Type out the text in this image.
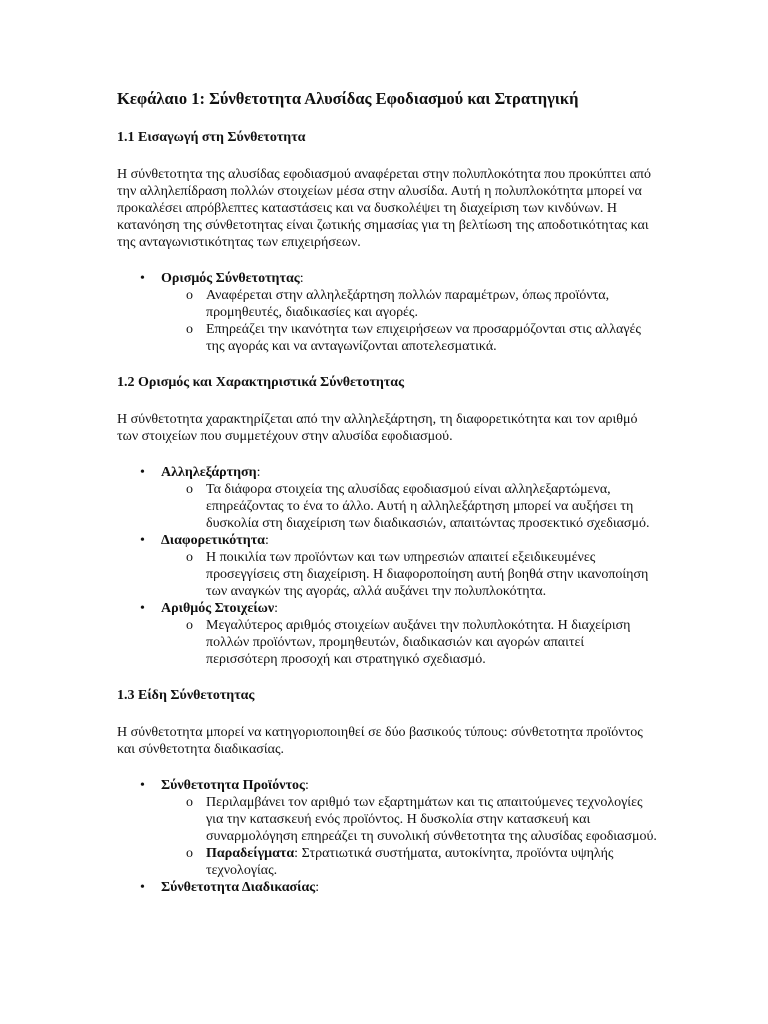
Κεφάλαιο 1: Σύνθετοτητα Αλυσίδας Εφοδιασμού και Στρατηγική
1.1 Εισαγωγή στη Σύνθετοτητα

Η σύνθετοτητα της αλυσίδας εφοδιασμού αναφέρεται στην πολυπλοκότητα που προκύπτει από την αλληλεπίδραση πολλών στοιχείων μέσα στην αλυσίδα. Αυτή η πολυπλοκότητα μπορεί να προκαλέσει απρόβλεπτες καταστάσεις και να δυσκολέψει τη διαχείριση των κινδύνων. Η κατανόηση της σύνθετοτητας είναι ζωτικής σημασίας για τη βελτίωση της αποδοτικότητας και της ανταγωνιστικότητας των επιχειρήσεων.

• Ορισμός Σύνθετοτητας:
o Αναφέρεται στην αλληλεξάρτηση πολλών παραμέτρων, όπως προϊόντα, προμηθευτές, διαδικασίες και αγορές.
o Επηρεάζει την ικανότητα των επιχειρήσεων να προσαρμόζονται στις αλλαγές της αγοράς και να ανταγωνίζονται αποτελεσματικά.
1.2 Ορισμός και Χαρακτηριστικά Σύνθετοτητας

Η σύνθετοτητα χαρακτηρίζεται από την αλληλεξάρτηση, τη διαφορετικότητα και τον αριθμό των στοιχείων που συμμετέχουν στην αλυσίδα εφοδιασμού.

• Αλληλεξάρτηση:
o Τα διάφορα στοιχεία της αλυσίδας εφοδιασμού είναι αλληλεξαρτώμενα, επηρεάζοντας το ένα το άλλο. Αυτή η αλληλεξάρτηση μπορεί να αυξήσει τη δυσκολία στη διαχείριση των διαδικασιών, απαιτώντας προσεκτικό σχεδιασμό.
• Διαφορετικότητα:
o Η ποικιλία των προϊόντων και των υπηρεσιών απαιτεί εξειδικευμένες προσεγγίσεις στη διαχείριση. Η διαφοροποίηση αυτή βοηθά στην ικανοποίηση των αναγκών της αγοράς, αλλά αυξάνει την πολυπλοκότητα.
• Αριθμός Στοιχείων:
o Μεγαλύτερος αριθμός στοιχείων αυξάνει την πολυπλοκότητα. Η διαχείριση πολλών προϊόντων, προμηθευτών, διαδικασιών και αγορών απαιτεί περισσότερη προσοχή και στρατηγικό σχεδιασμό.
1.3 Είδη Σύνθετοτητας

Η σύνθετοτητα μπορεί να κατηγοριοποιηθεί σε δύο βασικούς τύπους: σύνθετοτητα προϊόντος και σύνθετοτητα διαδικασίας.

• Σύνθετοτητα Προϊόντος:
o Περιλαμβάνει τον αριθμό των εξαρτημάτων και τις απαιτούμενες τεχνολογίες για την κατασκευή ενός προϊόντος. Η δυσκολία στην κατασκευή και συναρμολόγηση επηρεάζει τη συνολική σύνθετοτητα της αλυσίδας εφοδιασμού.
o Παραδείγματα: Στρατιωτικά συστήματα, αυτοκίνητα, προϊόντα υψηλής τεχνολογίας.
• Σύνθετοτητα Διαδικασίας:
